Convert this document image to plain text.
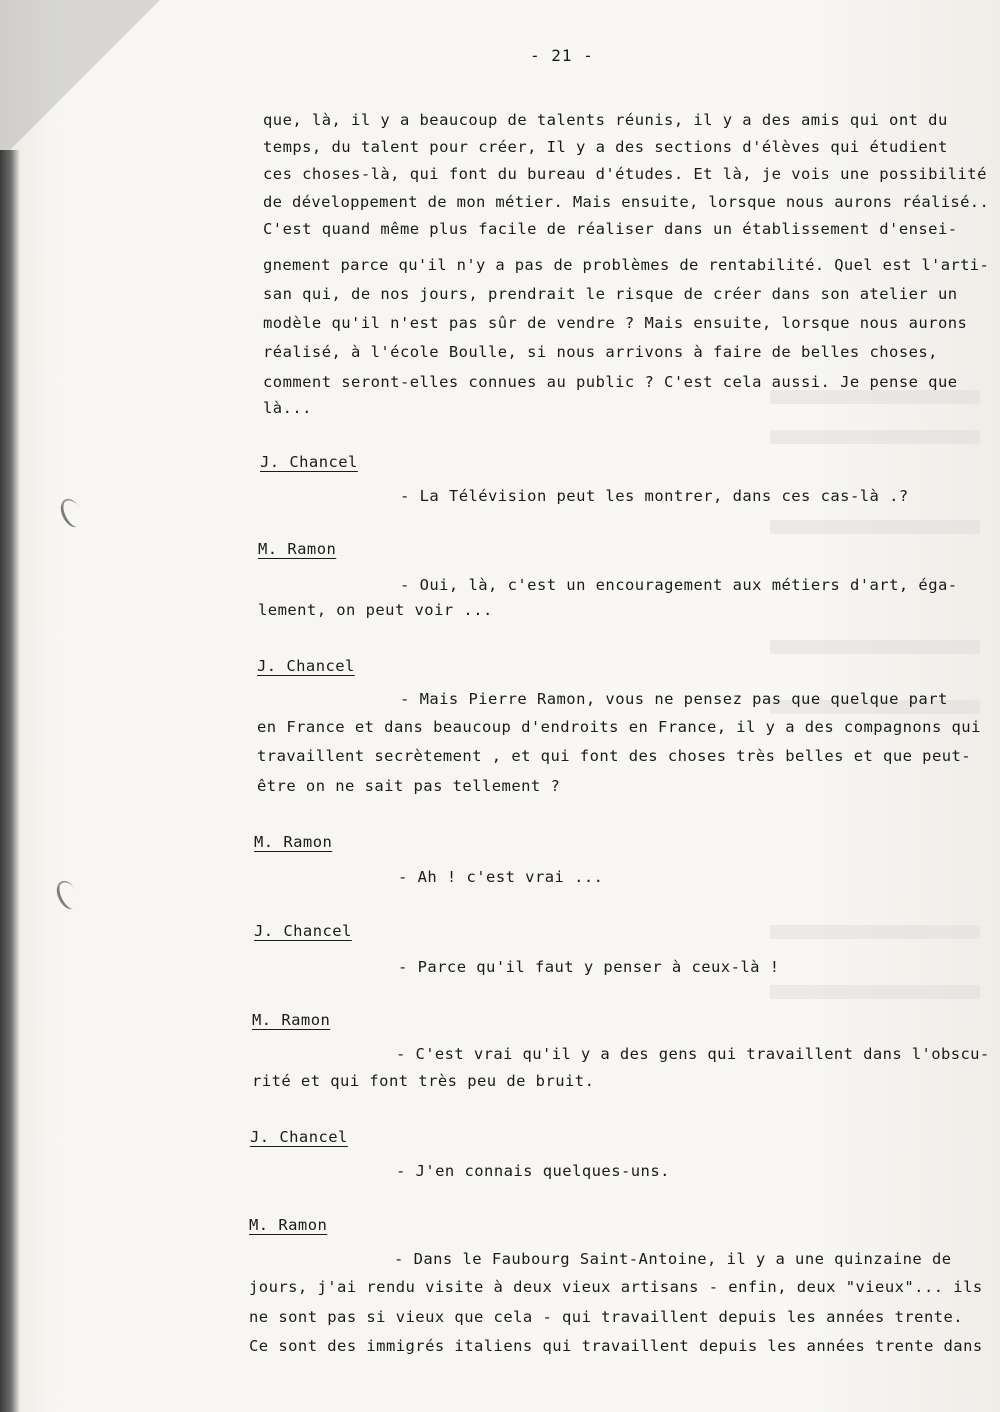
- 21 -
que, là, il y a beaucoup de talents réunis, il y a des amis qui ont du
temps, du talent pour créer, Il y a des sections d'élèves qui étudient
ces choses-là, qui font du bureau d'études. Et là, je vois une possibilité
de développement de mon métier. Mais ensuite, lorsque nous aurons réalisé..
C'est quand même plus facile de réaliser dans un établissement d'ensei-
gnement parce qu'il n'y a pas de problèmes de rentabilité. Quel est l'arti-
san qui, de nos jours, prendrait le risque de créer dans son atelier un
modèle qu'il n'est pas sûr de vendre ? Mais ensuite, lorsque nous aurons
réalisé, à l'école Boulle, si nous arrivons à faire de belles choses,
comment seront-elles connues au public ? C'est cela aussi. Je pense que
là...
J. Chancel
- La Télévision peut les montrer, dans ces cas-là .?
M. Ramon
- Oui, là, c'est un encouragement aux métiers d'art, éga-
lement, on peut voir ...
J. Chancel
- Mais Pierre Ramon, vous ne pensez pas que quelque part
en France et dans beaucoup d'endroits en France, il y a des compagnons qui
travaillent secrètement , et qui font des choses très belles et que peut-
être on ne sait pas tellement ?
M. Ramon
- Ah ! c'est vrai ...
J. Chancel
- Parce qu'il faut y penser à ceux-là !
M. Ramon
- C'est vrai qu'il y a des gens qui travaillent dans l'obscu-
rité et qui font très peu de bruit.
J. Chancel
- J'en connais quelques-uns.
M. Ramon
- Dans le Faubourg Saint-Antoine, il y a une quinzaine de
jours, j'ai rendu visite à deux vieux artisans - enfin, deux "vieux"... ils
ne sont pas si vieux que cela - qui travaillent depuis les années trente.
Ce sont des immigrés italiens qui travaillent depuis les années trente dans
